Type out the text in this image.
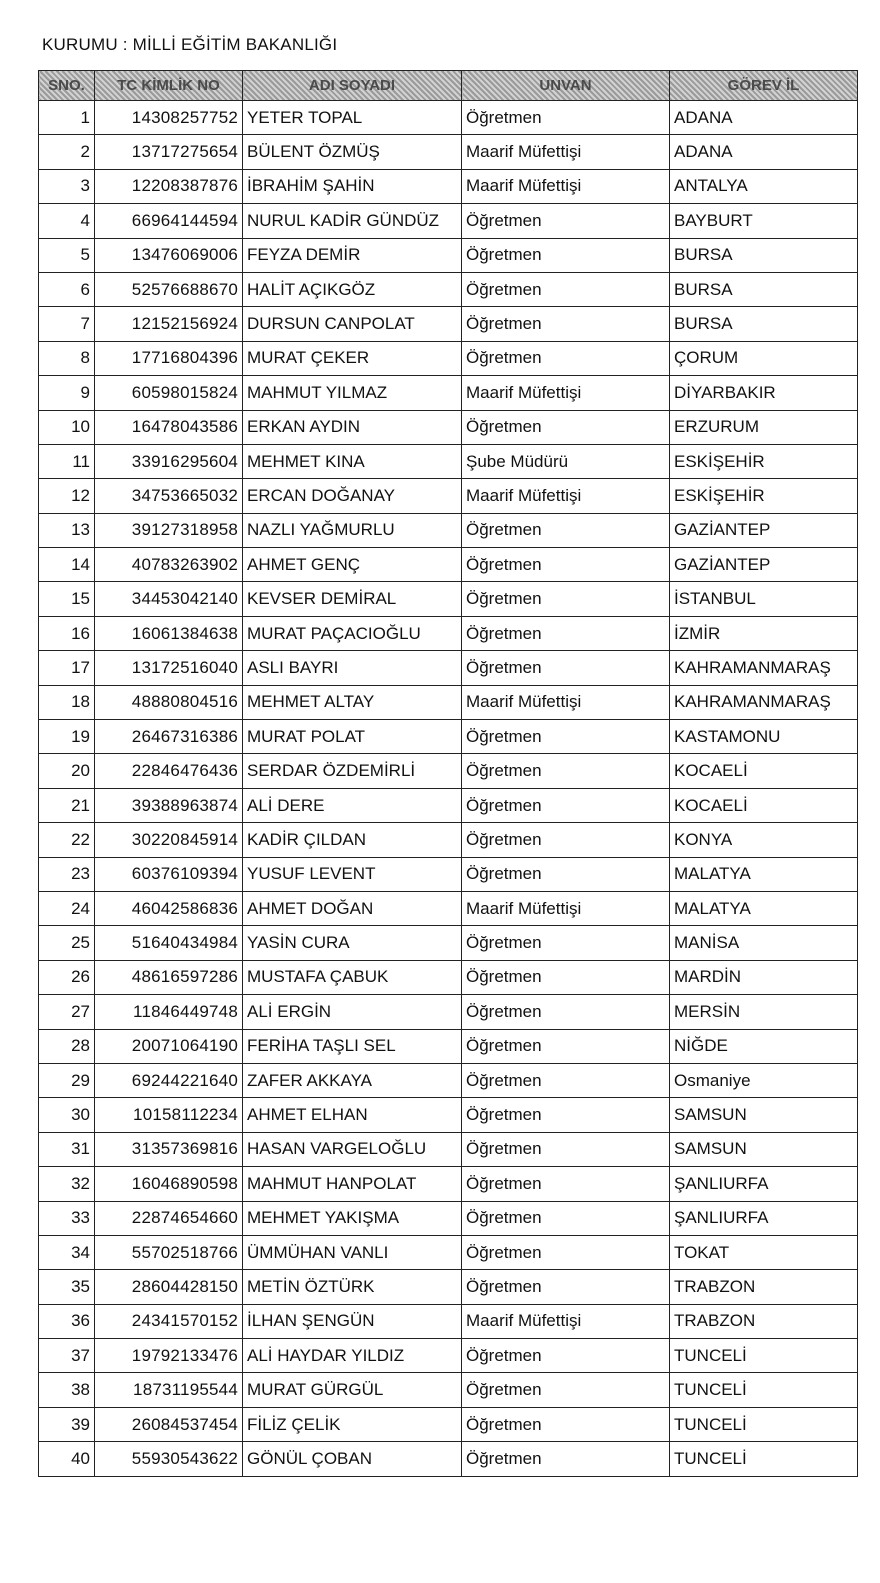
KURUMU : MİLLİ EĞİTİM BAKANLIĞI
SNO.	TC KİMLİK NO	ADI SOYADI	UNVAN	GÖREV İL
1	14308257752	YETER TOPAL	Öğretmen	ADANA
2	13717275654	BÜLENT ÖZMÜŞ	Maarif Müfettişi	ADANA
3	12208387876	İBRAHİM ŞAHİN	Maarif Müfettişi	ANTALYA
4	66964144594	NURUL KADİR GÜNDÜZ	Öğretmen	BAYBURT
5	13476069006	FEYZA DEMİR	Öğretmen	BURSA
6	52576688670	HALİT AÇIKGÖZ	Öğretmen	BURSA
7	12152156924	DURSUN CANPOLAT	Öğretmen	BURSA
8	17716804396	MURAT ÇEKER	Öğretmen	ÇORUM
9	60598015824	MAHMUT YILMAZ	Maarif Müfettişi	DİYARBAKIR
10	16478043586	ERKAN AYDIN	Öğretmen	ERZURUM
11	33916295604	MEHMET KINA	Şube Müdürü	ESKİŞEHİR
12	34753665032	ERCAN DOĞANAY	Maarif Müfettişi	ESKİŞEHİR
13	39127318958	NAZLI YAĞMURLU	Öğretmen	GAZİANTEP
14	40783263902	AHMET GENÇ	Öğretmen	GAZİANTEP
15	34453042140	KEVSER DEMİRAL	Öğretmen	İSTANBUL
16	16061384638	MURAT PAÇACIOĞLU	Öğretmen	İZMİR
17	13172516040	ASLI BAYRI	Öğretmen	KAHRAMANMARAŞ
18	48880804516	MEHMET ALTAY	Maarif Müfettişi	KAHRAMANMARAŞ
19	26467316386	MURAT POLAT	Öğretmen	KASTAMONU
20	22846476436	SERDAR ÖZDEMİRLİ	Öğretmen	KOCAELİ
21	39388963874	ALİ DERE	Öğretmen	KOCAELİ
22	30220845914	KADİR ÇILDAN	Öğretmen	KONYA
23	60376109394	YUSUF LEVENT	Öğretmen	MALATYA
24	46042586836	AHMET DOĞAN	Maarif Müfettişi	MALATYA
25	51640434984	YASİN CURA	Öğretmen	MANİSA
26	48616597286	MUSTAFA ÇABUK	Öğretmen	MARDİN
27	11846449748	ALİ ERGİN	Öğretmen	MERSİN
28	20071064190	FERİHA TAŞLI SEL	Öğretmen	NİĞDE
29	69244221640	ZAFER AKKAYA	Öğretmen	Osmaniye
30	10158112234	AHMET ELHAN	Öğretmen	SAMSUN
31	31357369816	HASAN VARGELOĞLU	Öğretmen	SAMSUN
32	16046890598	MAHMUT HANPOLAT	Öğretmen	ŞANLIURFA
33	22874654660	MEHMET YAKIŞMA	Öğretmen	ŞANLIURFA
34	55702518766	ÜMMÜHAN VANLI	Öğretmen	TOKAT
35	28604428150	METİN ÖZTÜRK	Öğretmen	TRABZON
36	24341570152	İLHAN ŞENGÜN	Maarif Müfettişi	TRABZON
37	19792133476	ALİ HAYDAR YILDIZ	Öğretmen	TUNCELİ
38	18731195544	MURAT GÜRGÜL	Öğretmen	TUNCELİ
39	26084537454	FİLİZ ÇELİK	Öğretmen	TUNCELİ
40	55930543622	GÖNÜL ÇOBAN	Öğretmen	TUNCELİ
